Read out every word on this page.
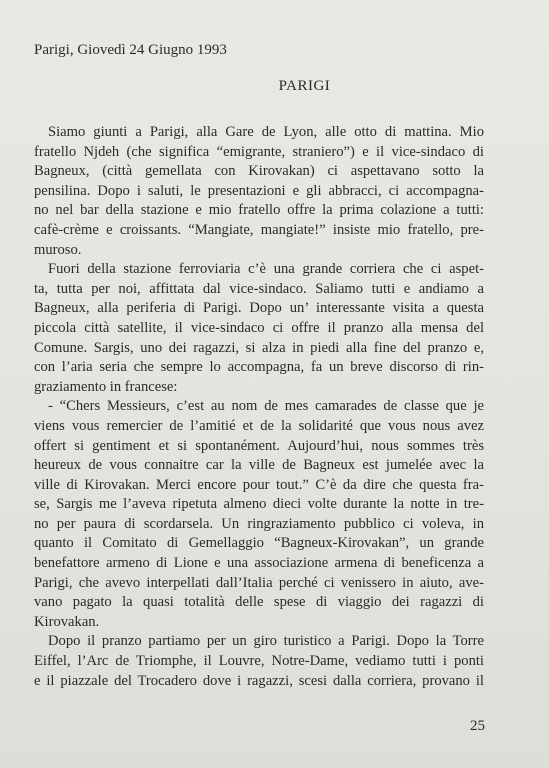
Parigi, Giovedì 24 Giugno 1993
PARIGI
Siamo giunti a Parigi, alla Gare de Lyon, alle otto di mattina. Mio
fratello Njdeh (che significa “emigrante, straniero”) e il vice-sindaco di
Bagneux, (città gemellata con Kirovakan) ci aspettavano sotto la
pensilina. Dopo i saluti, le presentazioni e gli abbracci, ci accompagna-
no nel bar della stazione e mio fratello offre la prima colazione a tutti:
cafè-crème e croissants. “Mangiate, mangiate!” insiste mio fratello, pre-
muroso.
Fuori della stazione ferroviaria c’è una grande corriera che ci aspet-
ta, tutta per noi, affittata dal vice-sindaco. Saliamo tutti e andiamo a
Bagneux, alla periferia di Parigi. Dopo un’ interessante visita a questa
piccola città satellite, il vice-sindaco ci offre il pranzo alla mensa del
Comune. Sargis, uno dei ragazzi, si alza in piedi alla fine del pranzo e,
con l’aria seria che sempre lo accompagna, fa un breve discorso di rin-
graziamento in francese:
- “Chers Messieurs, c’est au nom de mes camarades de classe que je
viens vous remercier de l’amitié et de la solidarité que vous nous avez
offert si gentiment et si spontanément. Aujourd’hui, nous sommes très
heureux de vous connaitre car la ville de Bagneux est jumelée avec la
ville di Kirovakan. Merci encore pour tout.” C’è da dire che questa fra-
se, Sargis me l’aveva ripetuta almeno dieci volte durante la notte in tre-
no per paura di scordarsela. Un ringraziamento pubblico ci voleva, in
quanto il Comitato di Gemellaggio “Bagneux-Kirovakan”, un grande
benefattore armeno di Lione e una associazione armena di beneficenza a
Parigi, che avevo interpellati dall’Italia perché ci venissero in aiuto, ave-
vano pagato la quasi totalità delle spese di viaggio dei ragazzi di
Kirovakan.
Dopo il pranzo partiamo per un giro turistico a Parigi. Dopo la Torre
Eiffel, l’Arc de Triomphe, il Louvre, Notre-Dame, vediamo tutti i ponti
e il piazzale del Trocadero dove i ragazzi, scesi dalla corriera, provano il
25
